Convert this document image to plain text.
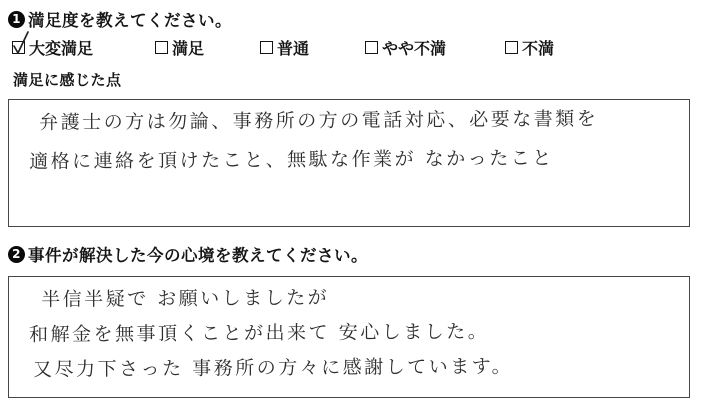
1 満足度を教えてください。
大変満足	満足	普通	やや不満	不満
満足に感じた点
弁護士の方は勿論、事務所の方の電話対応、必要な書類を
適格に連絡を頂けたこと、無駄な作業が なかったこと
2 事件が解決した今の心境を教えてください。
半信半疑で お願いしましたが
和解金を無事頂くことが出来て 安心しました。
又尽力下さった 事務所の方々に感謝しています。
